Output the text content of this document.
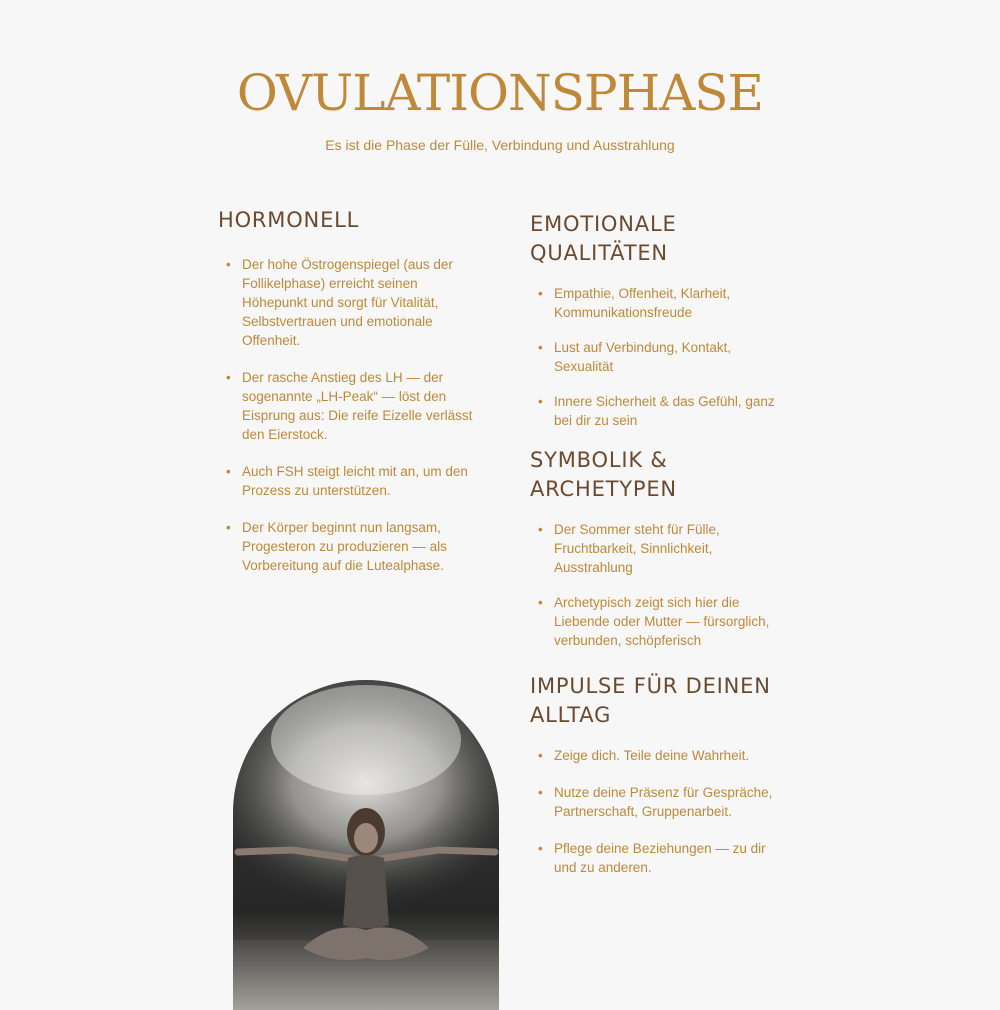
OVULATIONSPHASE

Es ist die Phase der Fülle, Verbindung und Ausstrahlung

HORMONELL
• Der hohe Östrogenspiegel (aus der Follikelphase) erreicht seinen Höhepunkt und sorgt für Vitalität, Selbstvertrauen und emotionale Offenheit.
• Der rasche Anstieg des LH — der sogenannte „LH-Peak“ — löst den Eisprung aus: Die reife Eizelle verlässt den Eierstock.
• Auch FSH steigt leicht mit an, um den Prozess zu unterstützen.
• Der Körper beginnt nun langsam, Progesteron zu produzieren — als Vorbereitung auf die Lutealphase.
EMOTIONALE QUALITÄTEN
• Empathie, Offenheit, Klarheit, Kommunikationsfreude
• Lust auf Verbindung, Kontakt, Sexualität
• Innere Sicherheit & das Gefühl, ganz bei dir zu sein
SYMBOLIK & ARCHETYPEN
• Der Sommer steht für Fülle, Fruchtbarkeit, Sinnlichkeit, Ausstrahlung
• Archetypisch zeigt sich hier die Liebende oder Mutter — fürsorglich, verbunden, schöpferisch
IMPULSE FÜR DEINEN ALLTAG
• Zeige dich. Teile deine Wahrheit.
• Nutze deine Präsenz für Gespräche, Partnerschaft, Gruppenarbeit.
• Pflege deine Beziehungen — zu dir und zu anderen.
